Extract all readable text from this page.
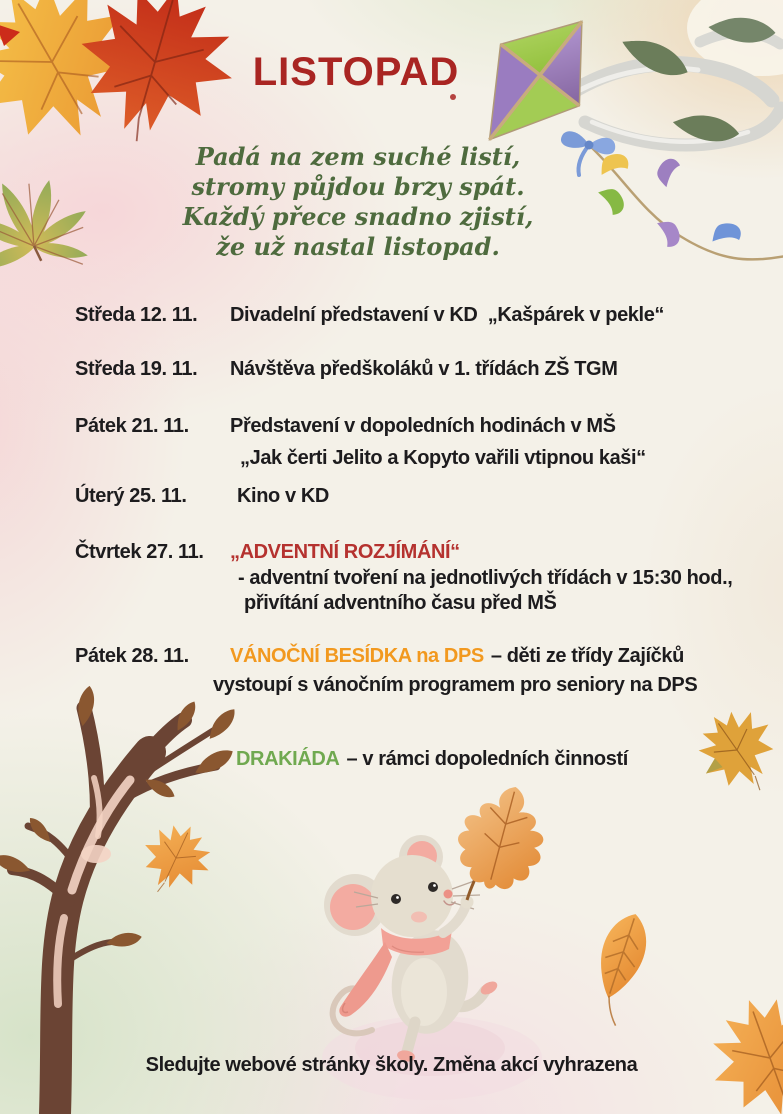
LISTOPAD
Padá na zem suché listí,
stromy půjdou brzy spát.
Každý přece snadno zjistí,
že už nastal listopad.
Středa 12. 11. Divadelní představení v KD  „Kašpárek v pekle“
Středa 19. 11. Návštěva předškoláků v 1. třídách ZŠ TGM
Pátek 21. 11. Představení v dopoledních hodinách v MŠ
„Jak čerti Jelito a Kopyto vařili vtipnou kaši“
Úterý 25. 11.	Kino v KD
Čtvrtek 27. 11. „ADVENTNÍ ROZJÍMÁNÍ“
- adventní tvoření na jednotlivých třídách v 15:30 hod.,
přivítání adventního času před MŠ
Pátek 28. 11. VÁNOČNÍ BESÍDKA na DPS – děti ze třídy Zajíčků
vystoupí s vánočním programem pro seniory na DPS
DRAKIÁDA – v rámci dopoledních činností
Sledujte webové stránky školy. Změna akcí vyhrazena
